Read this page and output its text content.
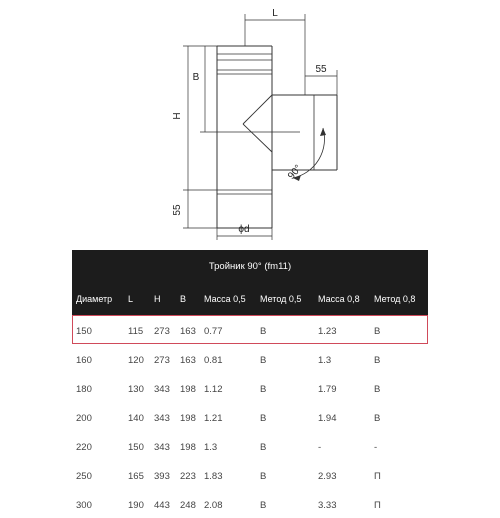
L
55
B
H
55
90°
ϕd
Тройник 90° (fm11)							
Диаметр	L	H	B	Масса 0,5	Метод 0,5	Масса 0,8	Метод 0,8
150	115	273	163	0.77	В	1.23	В
160	120	273	163	0.81	В	1.3	В
180	130	343	198	1.12	В	1.79	В
200	140	343	198	1.21	В	1.94	В
220	150	343	198	1.3	В	-	-
250	165	393	223	1.83	В	2.93	П
300	190	443	248	2.08	В	3.33	П
